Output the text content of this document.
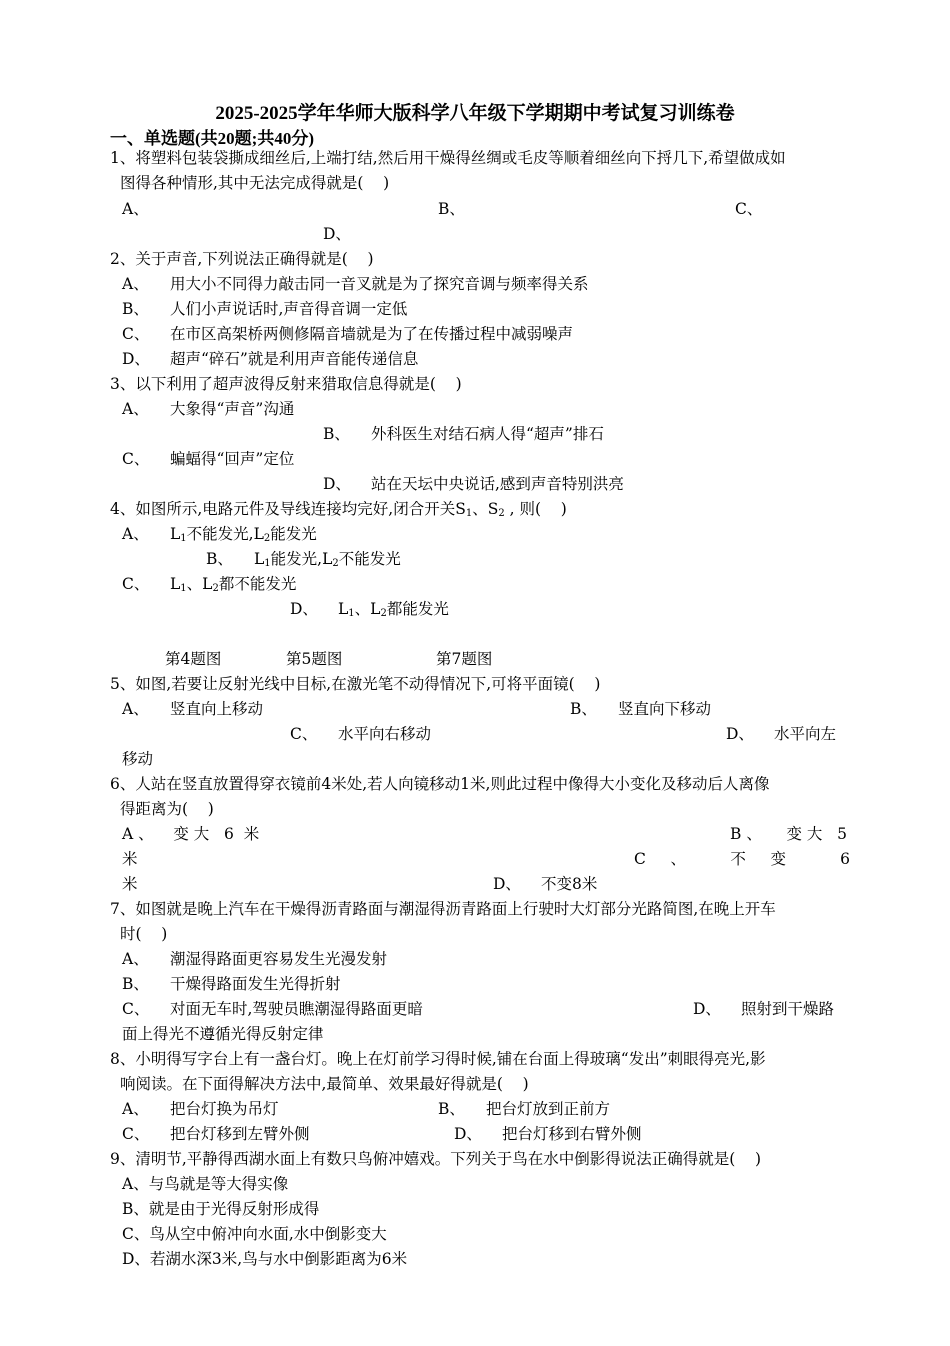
2025-2025学年华师大版科学八年级下学期期中考试复习训练卷
一、单选题(共20题;共40分)
1、将塑料包装袋撕成细丝后,上端打结,然后用干燥得丝绸或毛皮等顺着细丝向下捋几下,希望做成如
图得各种情形,其中无法完成得就是(    )
A、	B、	C、
D、
2、关于声音,下列说法正确得就是(    )
A、 用大小不同得力敲击同一音叉就是为了探究音调与频率得关系
B、 人们小声说话时,声音得音调一定低
C、 在市区高架桥两侧修隔音墙就是为了在传播过程中减弱噪声
D、 超声“碎石”就是利用声音能传递信息
3、以下利用了超声波得反射来猎取信息得就是(    )
A、 大象得“声音”沟通
B、 外科医生对结石病人得“超声”排石
C、 蝙蝠得“回声”定位
D、 站在天坛中央说话,感到声音特别洪亮
4、如图所示,电路元件及导线连接均完好,闭合开关$S_1$、$S_2$ , 则(    )
A、 $L_1$不能发光$,L_2$能发光
B、 $L_1$能发光$,L_2$不能发光
C、 $L_1$、$L_2$都不能发光
D、 $L_1$、$L_2$都能发光
第4题图	第5题图	第7题图
5、如图,若要让反射光线中目标,在激光笔不动得情况下,可将平面镜(    )
A、 竖直向上移动	B、 竖直向下移动
C、 水平向右移动	D、 水平向左
移动
6、人站在竖直放置得穿衣镜前4米处,若人向镜移动1米,则此过程中像得大小变化及移动后人离像
得距离为(    )
A 、    变 大   6  米	B 、     变 大   5
米	C     、         不     变           6
米	D、 不变8米
7、如图就是晚上汽车在干燥得沥青路面与潮湿得沥青路面上行驶时大灯部分光路简图,在晚上开车
时(    )
A、 潮湿得路面更容易发生光漫发射
B、 干燥得路面发生光得折射
C、 对面无车时,驾驶员瞧潮湿得路面更暗	D、 照射到干燥路
面上得光不遵循光得反射定律
8、小明得写字台上有一盏台灯。晚上在灯前学习得时候,铺在台面上得玻璃“发出”刺眼得亮光,影
响阅读。在下面得解决方法中,最简单、效果最好得就是(    )
A、 把台灯换为吊灯	B、 把台灯放到正前方
C、 把台灯移到左臂外侧	D、 把台灯移到右臂外侧
9、清明节,平静得西湖水面上有数只鸟俯冲嬉戏。下列关于鸟在水中倒影得说法正确得就是(    )
A、与鸟就是等大得实像
B、就是由于光得反射形成得
C、鸟从空中俯冲向水面,水中倒影变大
D、若湖水深3米,鸟与水中倒影距离为6米
